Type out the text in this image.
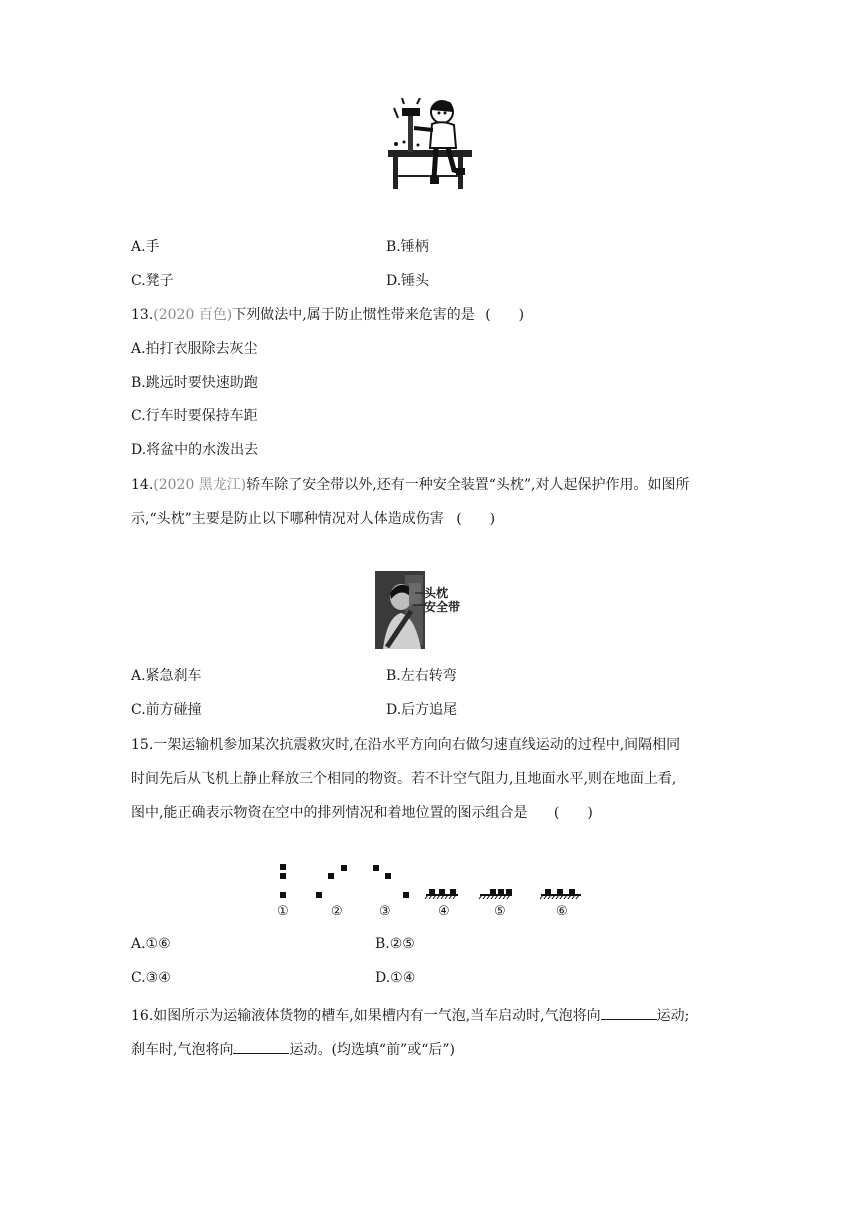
A.手	B.锤柄
C.凳子	D.锤头
13.(2020 百色)下列做法中,属于防止惯性带来危害的是 (　　)
A.拍打衣服除去灰尘
B.跳远时要快速助跑
C.行车时要保持车距
D.将盆中的水泼出去
14.(2020 黑龙江)轿车除了安全带以外,还有一种安全装置“头枕”,对人起保护作用。如图所
示,“头枕”主要是防止以下哪种情况对人体造成伤害 (　　)
头枕
安全带
A.紧急刹车	B.左右转弯
C.前方碰撞	D.后方追尾
15.一架运输机参加某次抗震救灾时,在沿水平方向向右做匀速直线运动的过程中,间隔相同
时间先后从飞机上静止释放三个相同的物资。若不计空气阻力,且地面水平,则在地面上看,
图中,能正确表示物资在空中的排列情况和着地位置的图示组合是 (　　)
①	②	③	④	⑤	⑥
A.①⑥	B.②⑤
C.③④	D.①④
16.如图所示为运输液体货物的槽车,如果槽内有一气泡,当车启动时,气泡将向	运动;
刹车时,气泡将向	运动。(均选填“前”或“后”)
